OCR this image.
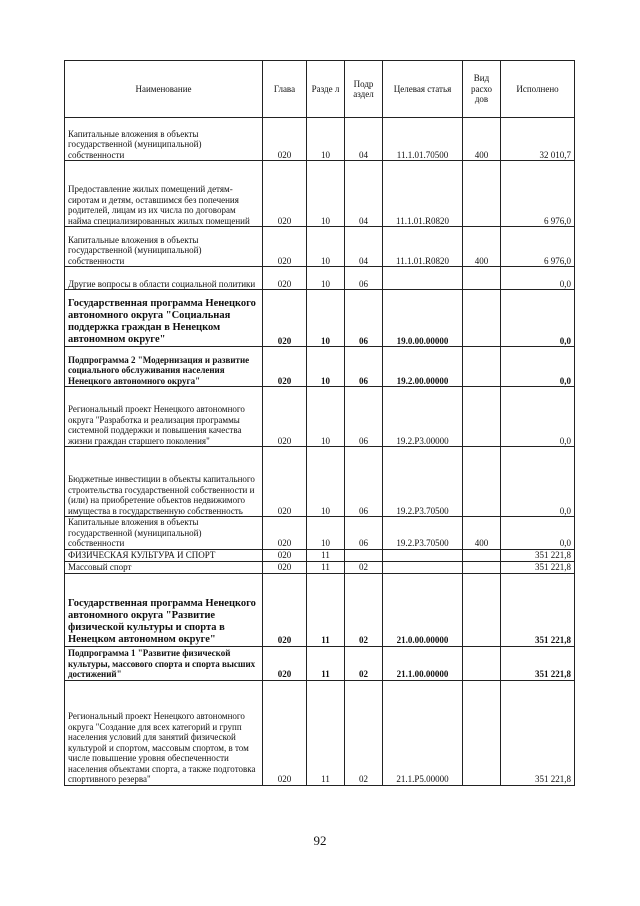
Наименование	Глава	Разде л	Подр аздел	Целевая статья	Вид расхо дов	Исполнено
Капитальные вложения в объекты государственной (муниципальной) собственности	020	10	04	11.1.01.70500	400	32 010,7
Предоставление жилых помещений детям-сиротам и детям, оставшимся без попечения родителей, лицам из их числа по договорам найма специализированных жилых помещений	020	10	04	11.1.01.R0820		6 976,0
Капитальные вложения в объекты государственной (муниципальной) собственности	020	10	04	11.1.01.R0820	400	6 976,0
Другие вопросы в области социальной политики	020	10	06			0,0
Государственная программа Ненецкого автономного округа "Социальная поддержка граждан в Ненецком автономном округе"	020	10	06	19.0.00.00000		0,0
Подпрограмма 2 "Модернизация и развитие социального обслуживания населения Ненецкого автономного округа"	020	10	06	19.2.00.00000		0,0
Региональный проект Ненецкого автономного округа "Разработка и реализация программы системной поддержки и повышения качества жизни граждан старшего поколения"	020	10	06	19.2.P3.00000		0,0
Бюджетные инвестиции в объекты капитального строительства государственной собственности и (или) на приобретение объектов недвижимого имущества в государственную собственность	020	10	06	19.2.P3.70500		0,0
Капитальные вложения в объекты государственной (муниципальной) собственности	020	10	06	19.2.P3.70500	400	0,0
ФИЗИЧЕСКАЯ КУЛЬТУРА И СПОРТ	020	11				351 221,8
Массовый спорт	020	11	02			351 221,8
Государственная программа Ненецкого автономного округа "Развитие физической культуры и спорта в Ненецком автономном округе"	020	11	02	21.0.00.00000		351 221,8
Подпрограмма 1 "Развитие физической культуры, массового спорта и спорта высших достижений"	020	11	02	21.1.00.00000		351 221,8
Региональный проект Ненецкого автономного округа "Создание для всех категорий и групп населения условий для занятий физической культурой и спортом, массовым спортом, в том числе повышение уровня обеспеченности населения объектами спорта, а также подготовка спортивного резерва"	020	11	02	21.1.P5.00000		351 221,8
92
